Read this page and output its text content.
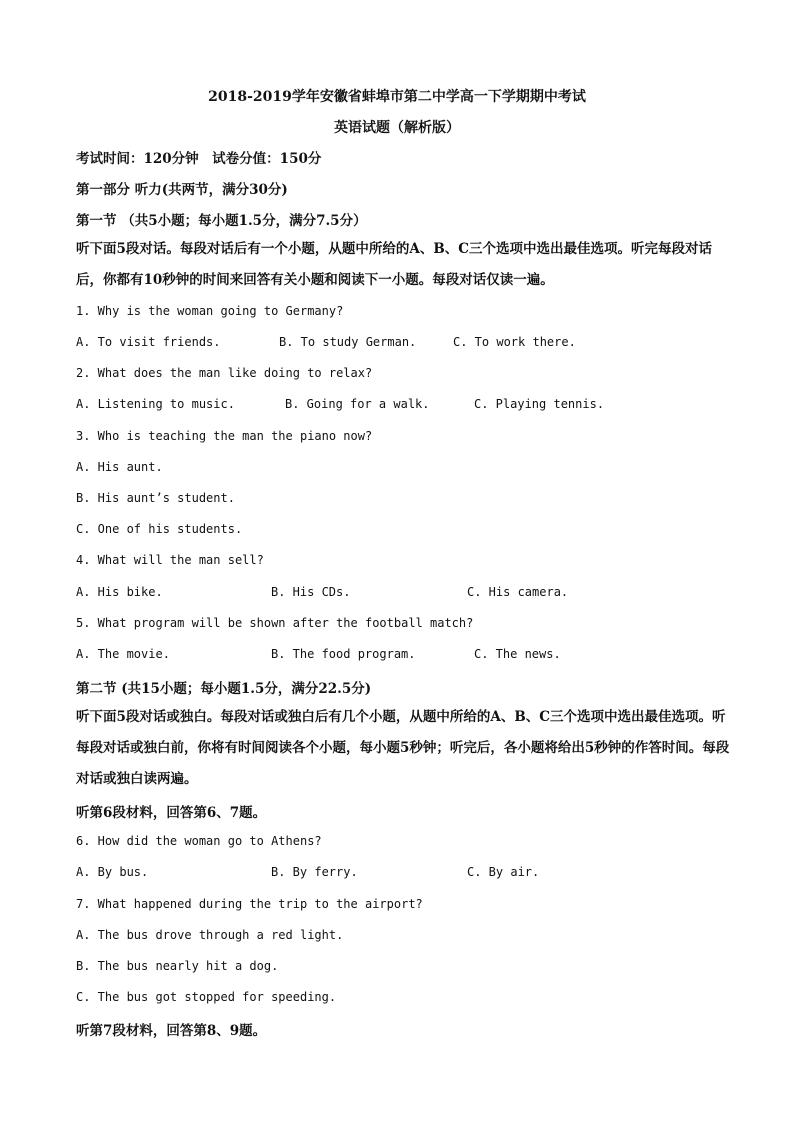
2018-2019学年安徽省蚌埠市第二中学高一下学期期中考试
英语试题（解析版）
考试时间：120分钟　试卷分值：150分
第一部分 听力(共两节，满分30分)
第一节 （共5小题；每小题1.5分，满分7.5分）
听下面5段对话。每段对话后有一个小题，从题中所给的A、B、C三个选项中选出最佳选项。听完每段对话后，你都有10秒钟的时间来回答有关小题和阅读下一小题。每段对话仅读一遍。
1. Why is the woman going to Germany?
A. To visit friends.	B. To study German.	C. To work there.
2. What does the man like doing to relax?
A. Listening to music.	B. Going for a walk.	C. Playing tennis.
3. Who is teaching the man the piano now?
A. His aunt.
B. His aunt’s student.
C. One of his students.
4. What will the man sell?
A. His bike.	B. His CDs.	C. His camera.
5. What program will be shown after the football match?
A. The movie.	B. The food program.	C. The news.
第二节 (共15小题；每小题1.5分，满分22.5分)
听下面5段对话或独白。每段对话或独白后有几个小题，从题中所给的A、B、C三个选项中选出最佳选项。听每段对话或独白前，你将有时间阅读各个小题，每小题5秒钟；听完后，各小题将给出5秒钟的作答时间。每段对话或独白读两遍。
听第6段材料，回答第6、7题。
6. How did the woman go to Athens?
A. By bus.	B. By ferry.	C. By air.
7. What happened during the trip to the airport?
A. The bus drove through a red light.
B. The bus nearly hit a dog.
C. The bus got stopped for speeding.
听第7段材料，回答第8、9题。
